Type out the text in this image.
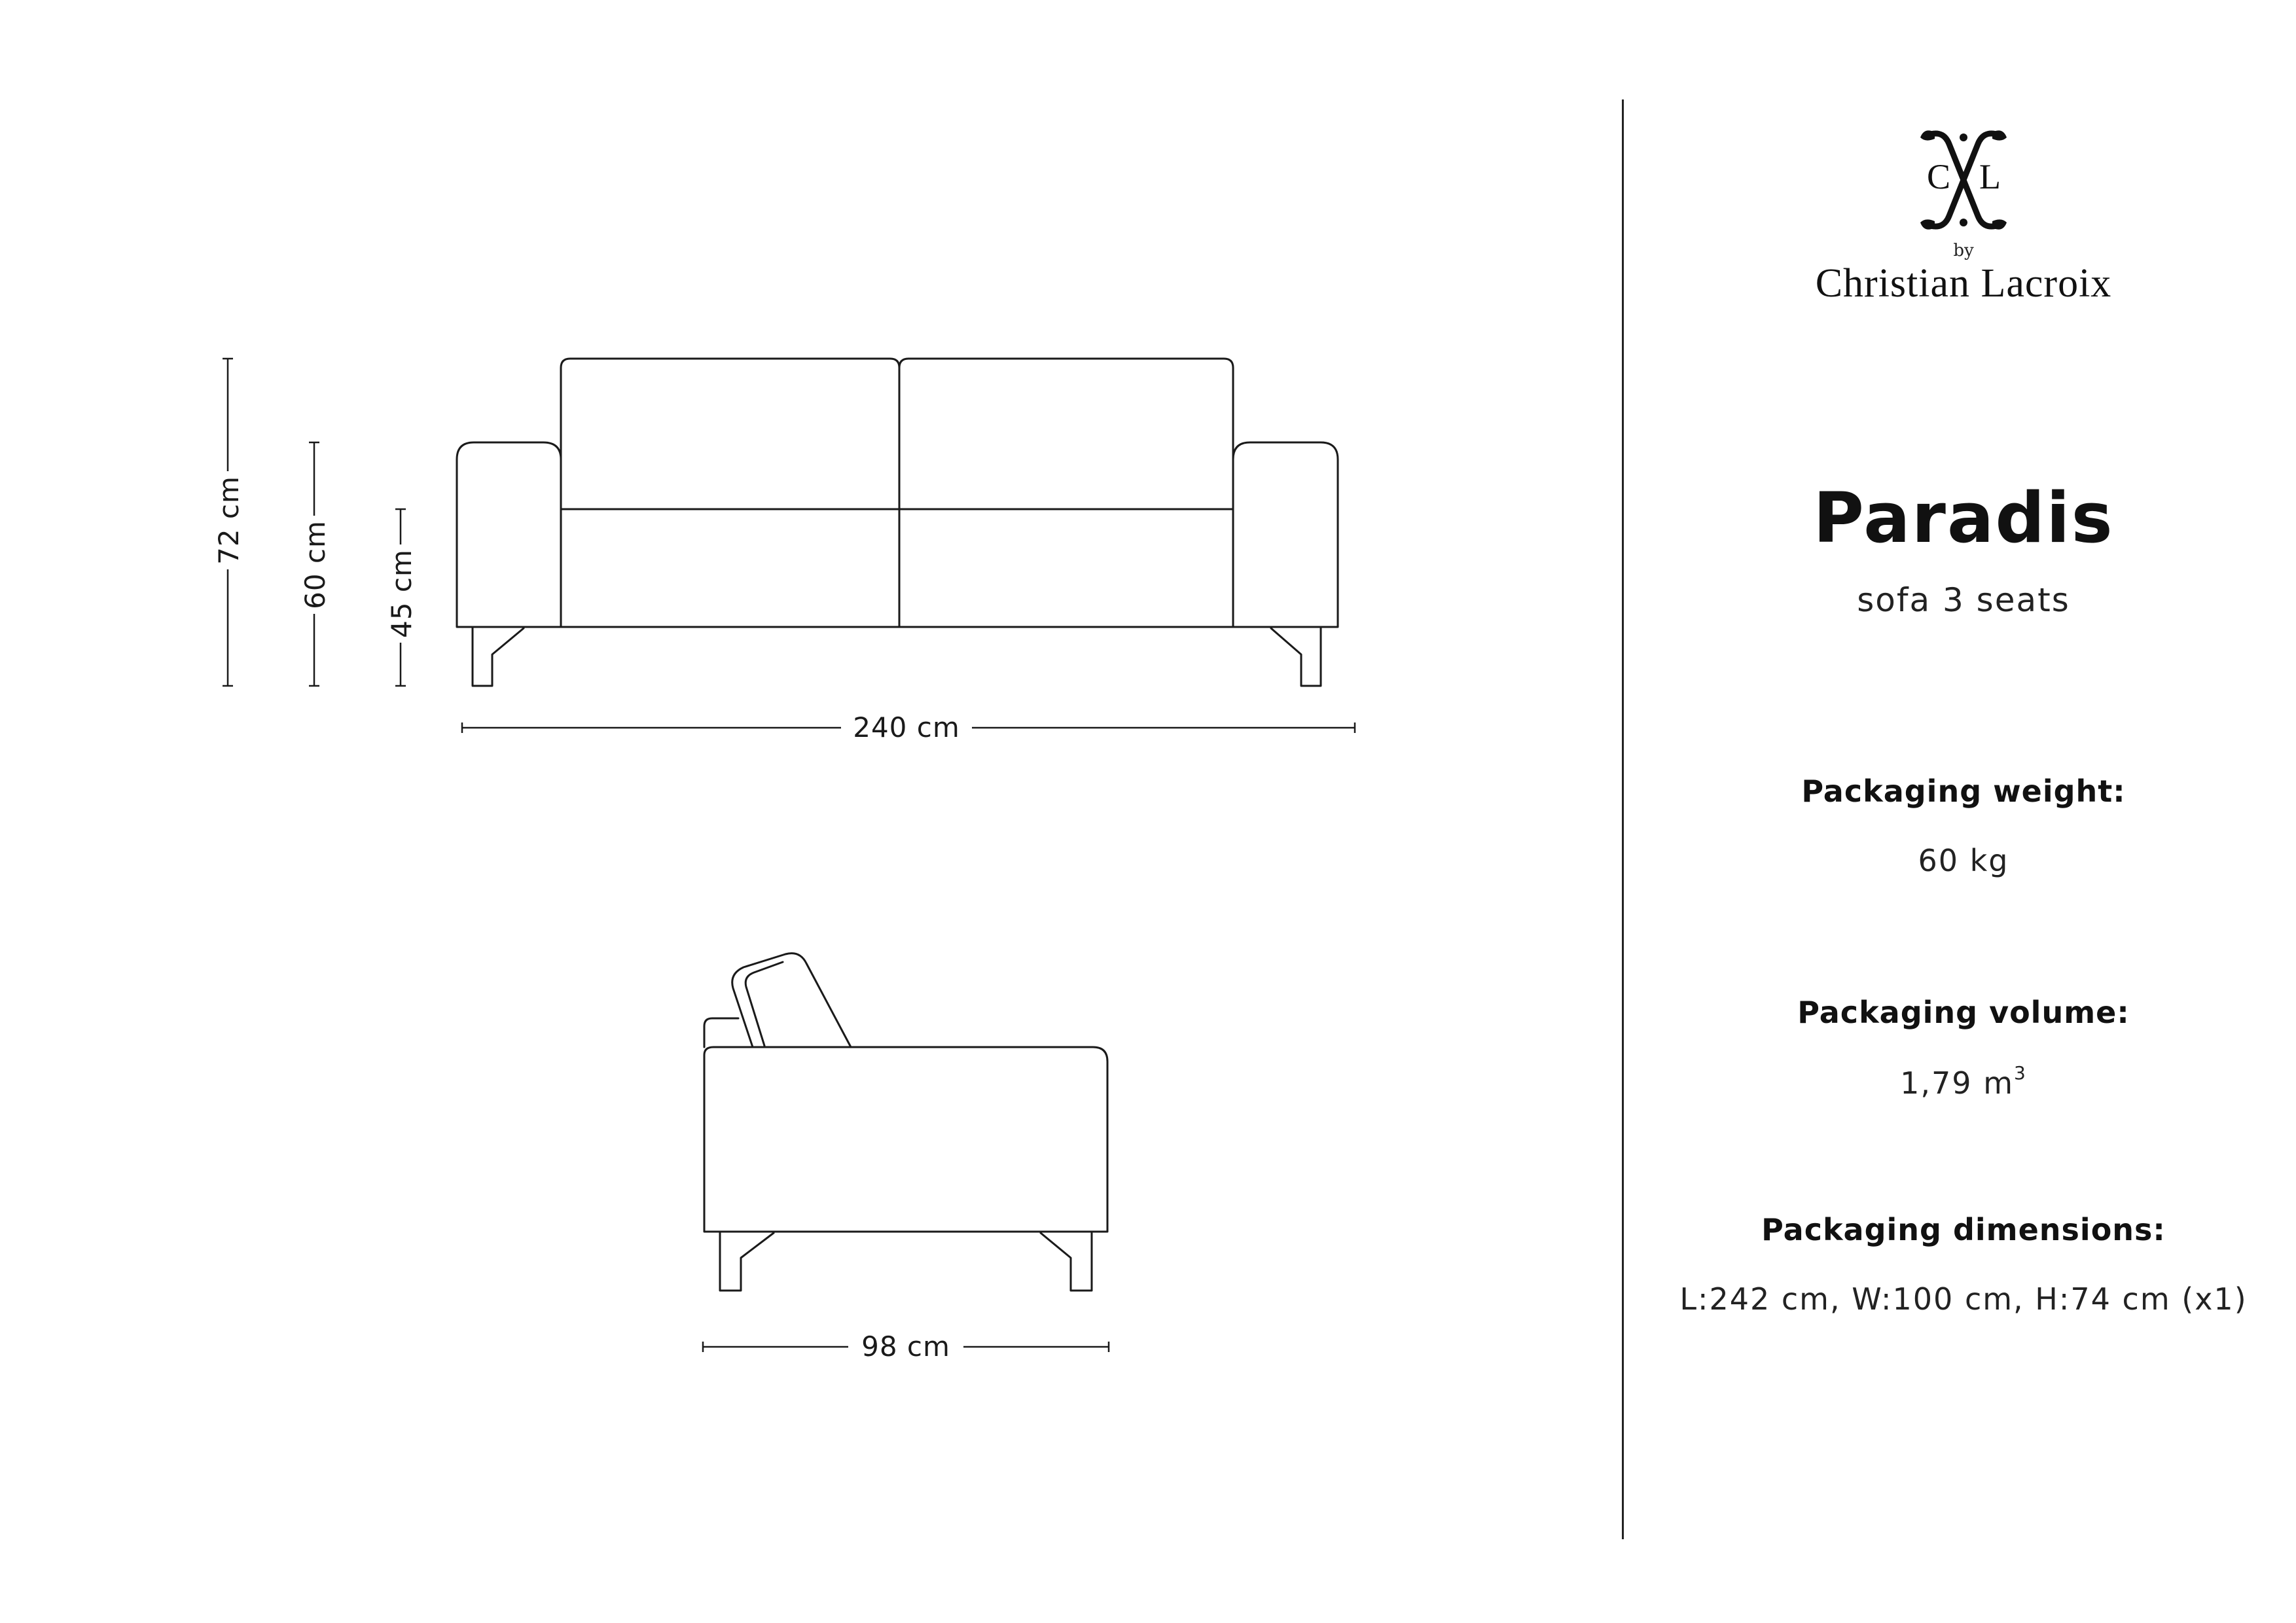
72 cm
60 cm 45 cm
240 cm
98 cm
C L
by
Christian Lacroix
Paradis
sofa 3 seats
Packaging weight:
60 kg
Packaging volume:
1,79 $m^3$
Packaging dimensions:
L:242 cm, W:100 cm, H:74 cm (x1)
